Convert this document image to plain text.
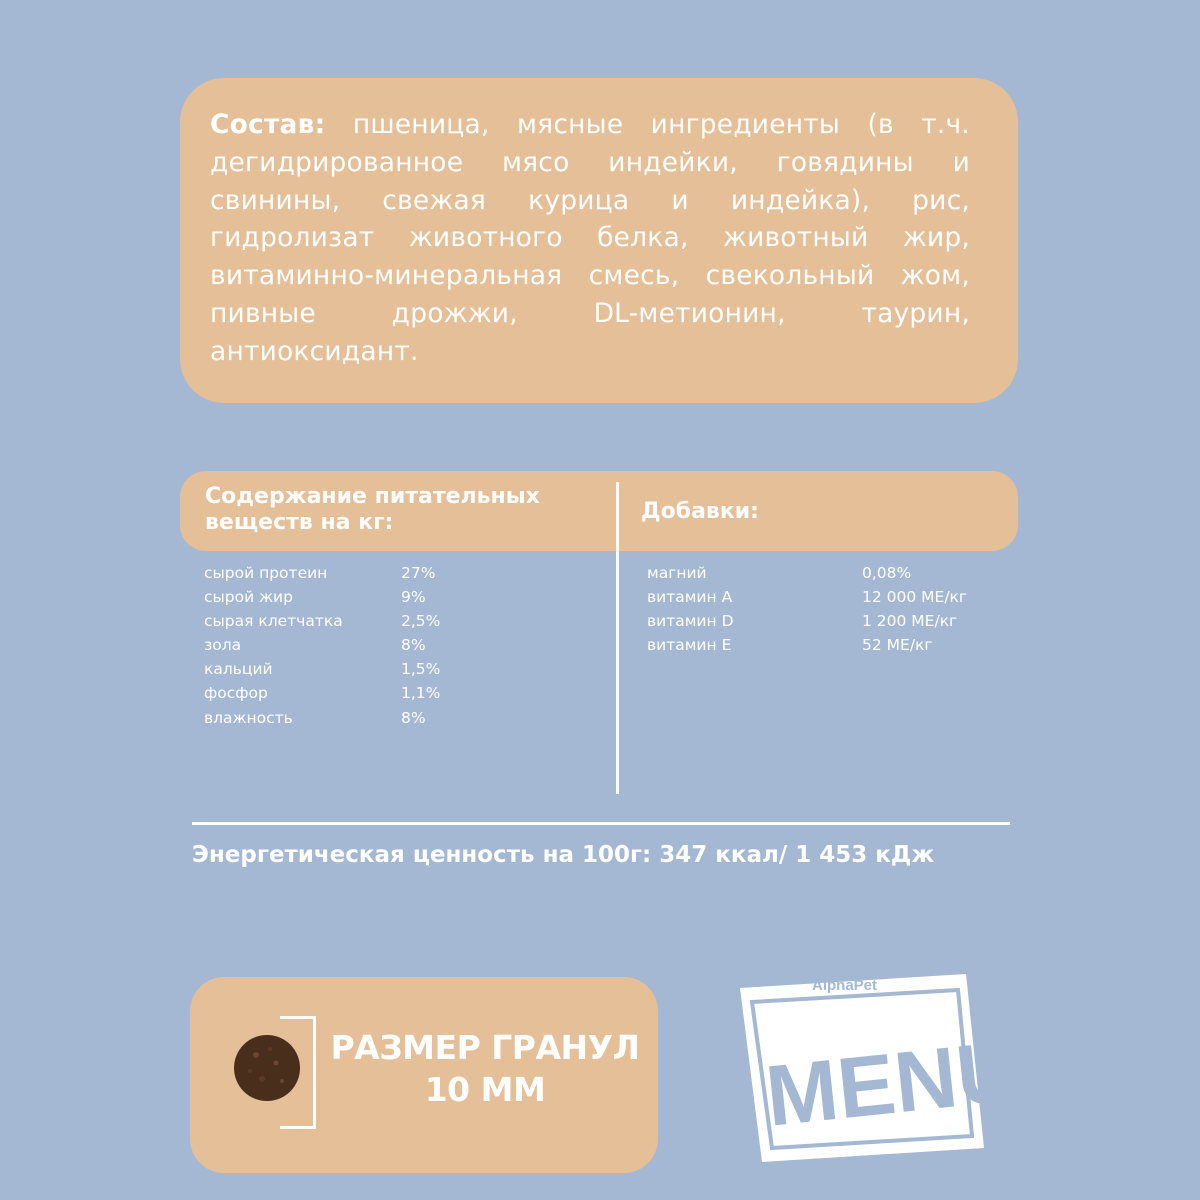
Состав: пшеница, мясные ингредиенты (в т.ч. дегидрированное мясо индейки, говядины и свинины, свежая курица и индейка), рис, гидролизат животного белка, животный жир, витаминно-минеральная смесь, свекольный жом, пивные дрожжи, DL-метионин, таурин, антиоксидант.

Содержание питательных веществ на кг:	Добавки:

сырой протеин	27%
сырой жир	9%
сырая клетчатка	2,5%
зола	8%
кальций	1,5%
фосфор	1,1%
влажность	8%
магний	0,08%
витамин А	12 000 МЕ/кг
витамин D	1 200 МЕ/кг
витамин Е	52 МЕ/кг

Энергетическая ценность на 100г: 347 ккал/ 1 453 кДж

РАЗМЕР ГРАНУЛ
10 ММ

AlphaPet
MENU
